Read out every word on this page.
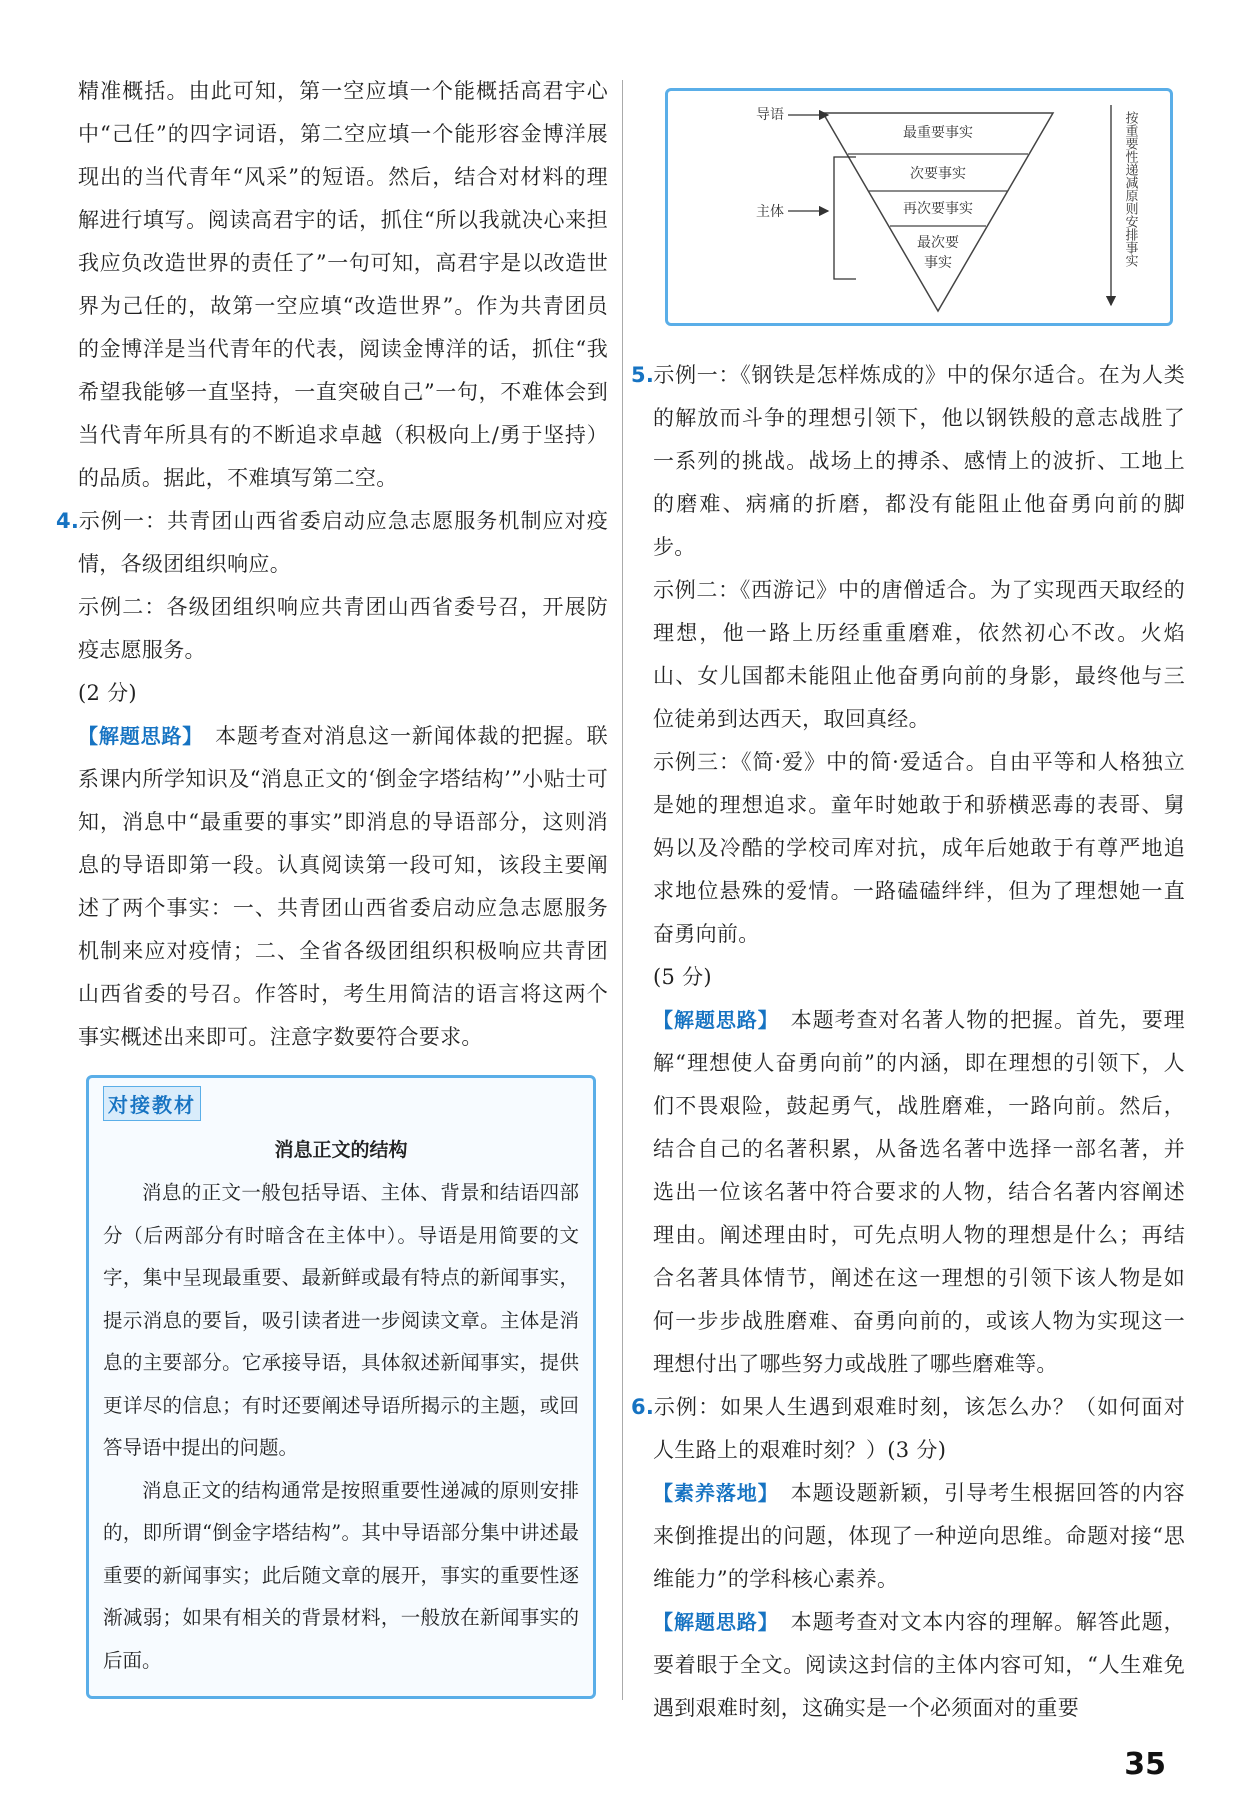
精准概括。由此可知，第一空应填一个能概括高君宇心中“己任”的四字词语，第二空应填一个能形容金博洋展现出的当代青年“风采”的短语。然后，结合对材料的理解进行填写。阅读高君宇的话，抓住“所以我就决心来担我应负改造世界的责任了”一句可知，高君宇是以改造世界为己任的，故第一空应填“改造世界”。作为共青团员的金博洋是当代青年的代表，阅读金博洋的话，抓住“我希望我能够一直坚持，一直突破自己”一句，不难体会到当代青年所具有的不断追求卓越（积极向上/勇于坚持）的品质。据此，不难填写第二空。

4.示例一：共青团山西省委启动应急志愿服务机制应对疫情，各级团组织响应。

示例二：各级团组织响应共青团山西省委号召，开展防疫志愿服务。

(2 分)

【解题思路】 本题考查对消息这一新闻体裁的把握。联系课内所学知识及“消息正文的‘倒金字塔结构’”小贴士可知，消息中“最重要的事实”即消息的导语部分，这则消息的导语即第一段。认真阅读第一段可知，该段主要阐述了两个事实：一、共青团山西省委启动应急志愿服务机制来应对疫情；二、全省各级团组织积极响应共青团山西省委的号召。作答时，考生用简洁的语言将这两个事实概述出来即可。注意字数要符合要求。

对接教材
消息正文的结构

消息的正文一般包括导语、主体、背景和结语四部分（后两部分有时暗含在主体中）。导语是用简要的文字，集中呈现最重要、最新鲜或最有特点的新闻事实，提示消息的要旨，吸引读者进一步阅读文章。主体是消息的主要部分。它承接导语，具体叙述新闻事实，提供更详尽的信息；有时还要阐述导语所揭示的主题，或回答导语中提出的问题。

消息正文的结构通常是按照重要性递减的原则安排的，即所谓“倒金字塔结构”。其中导语部分集中讲述最重要的新闻事实；此后随文章的展开，事实的重要性逐渐减弱；如果有相关的背景材料，一般放在新闻事实的后面。

导语
主体
最重要事实
次要事实
再次要事实
最次要
事实	按重要性递减原则安排事实

5.示例一：《钢铁是怎样炼成的》中的保尔适合。在为人类的解放而斗争的理想引领下，他以钢铁般的意志战胜了一系列的挑战。战场上的搏杀、感情上的波折、工地上的磨难、病痛的折磨，都没有能阻止他奋勇向前的脚步。

示例二：《西游记》中的唐僧适合。为了实现西天取经的理想，他一路上历经重重磨难，依然初心不改。火焰山、女儿国都未能阻止他奋勇向前的身影，最终他与三位徒弟到达西天，取回真经。

示例三：《简·爱》中的简·爱适合。自由平等和人格独立是她的理想追求。童年时她敢于和骄横恶毒的表哥、舅妈以及冷酷的学校司库对抗，成年后她敢于有尊严地追求地位悬殊的爱情。一路磕磕绊绊，但为了理想她一直奋勇向前。

(5 分)

【解题思路】 本题考查对名著人物的把握。首先，要理解“理想使人奋勇向前”的内涵，即在理想的引领下，人们不畏艰险，鼓起勇气，战胜磨难，一路向前。然后，结合自己的名著积累，从备选名著中选择一部名著，并选出一位该名著中符合要求的人物，结合名著内容阐述理由。阐述理由时，可先点明人物的理想是什么；再结合名著具体情节，阐述在这一理想的引领下该人物是如何一步步战胜磨难、奋勇向前的，或该人物为实现这一理想付出了哪些努力或战胜了哪些磨难等。

6.示例：如果人生遇到艰难时刻，该怎么办？（如何面对人生路上的艰难时刻？）(3 分)

【素养落地】 本题设题新颖，引导考生根据回答的内容来倒推提出的问题，体现了一种逆向思维。命题对接“思维能力”的学科核心素养。

【解题思路】 本题考查对文本内容的理解。解答此题，要着眼于全文。阅读这封信的主体内容可知，“人生难免遇到艰难时刻，这确实是一个必须面对的重要

35
